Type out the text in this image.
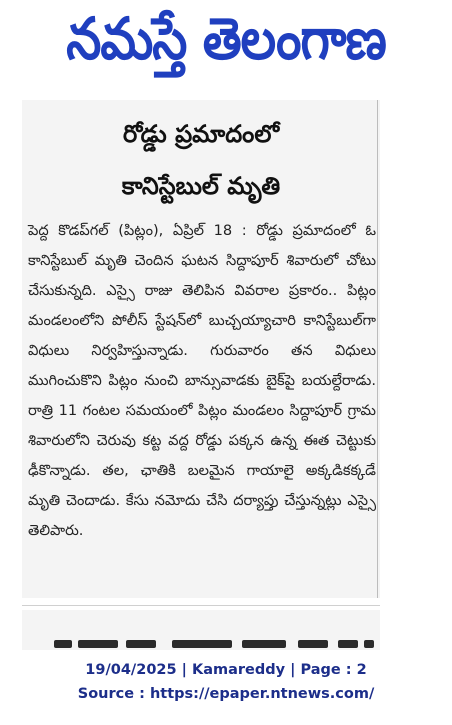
నమస్తే తెలంగాణ
రోడ్డు ప్రమాదంలో
కానిస్టేబుల్ మృతి
పెద్ద కొడప్‌గల్ (పిట్లం), ఏప్రిల్ 18 : రోడ్డు ప్రమాదంలో ఓ కానిస్టేబుల్ మృతి చెందిన ఘటన సిద్దాపూర్ శివారులో చోటు చేసుకున్నది. ఎస్సై రాజు తెలిపిన వివరాల ప్రకారం.. పిట్లం మండలంలోని పోలీస్ స్టేషన్‌లో బుచ్చయ్యాచారి కానిస్టేబుల్‌గా విధులు నిర్వహిస్తున్నాడు. గురువారం తన విధులు ముగించుకొని పిట్లం నుంచి బాన్సువాడకు బైక్‌పై బయల్దేరాడు. రాత్రి 11 గంటల సమయంలో పిట్లం మండలం సిద్దాపూర్ గ్రామ శివారులోని చెరువు కట్ట వద్ద రోడ్డు పక్కన ఉన్న ఈత చెట్టుకు ఢీకొన్నాడు. తల, ఛాతికి బలమైన గాయాలై అక్కడికక్కడే మృతి చెందాడు. కేసు నమోదు చేసి దర్యాప్తు చేస్తున్నట్లు ఎస్సై తెలిపారు.
19/04/2025 | Kamareddy | Page : 2
Source : https://epaper.ntnews.com/
